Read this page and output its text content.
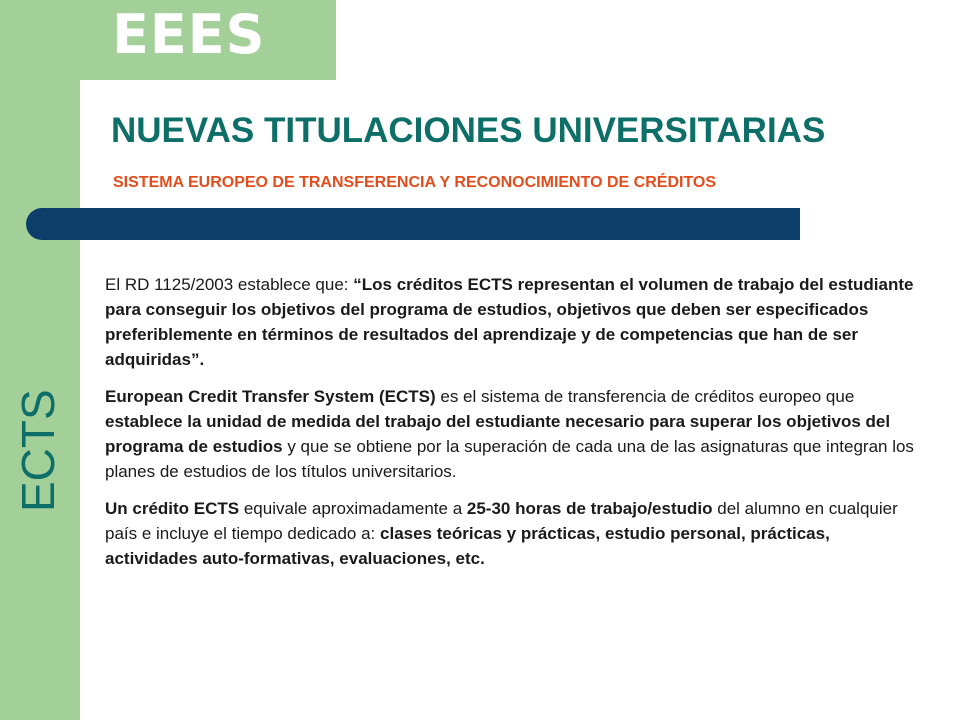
EEES
NUEVAS TITULACIONES UNIVERSITARIAS
SISTEMA EUROPEO DE TRANSFERENCIA Y RECONOCIMIENTO DE CRÉDITOS
ECTS

El RD 1125/2003 establece que: “Los créditos ECTS representan el volumen de trabajo del estudiante para conseguir los objetivos del programa de estudios, objetivos que deben ser especificados preferiblemente en términos de resultados del aprendizaje y de competencias que han de ser adquiridas”.

European Credit Transfer System (ECTS) es el sistema de transferencia de créditos europeo que establece la unidad de medida del trabajo del estudiante necesario para superar los objetivos del programa de estudios y que se obtiene por la superación de cada una de las asignaturas que integran los planes de estudios de los títulos universitarios.

Un crédito ECTS equivale aproximadamente a 25-30 horas de trabajo/estudio del alumno en cualquier país e incluye el tiempo dedicado a: clases teóricas y prácticas, estudio personal, prácticas, actividades auto-formativas, evaluaciones, etc.
